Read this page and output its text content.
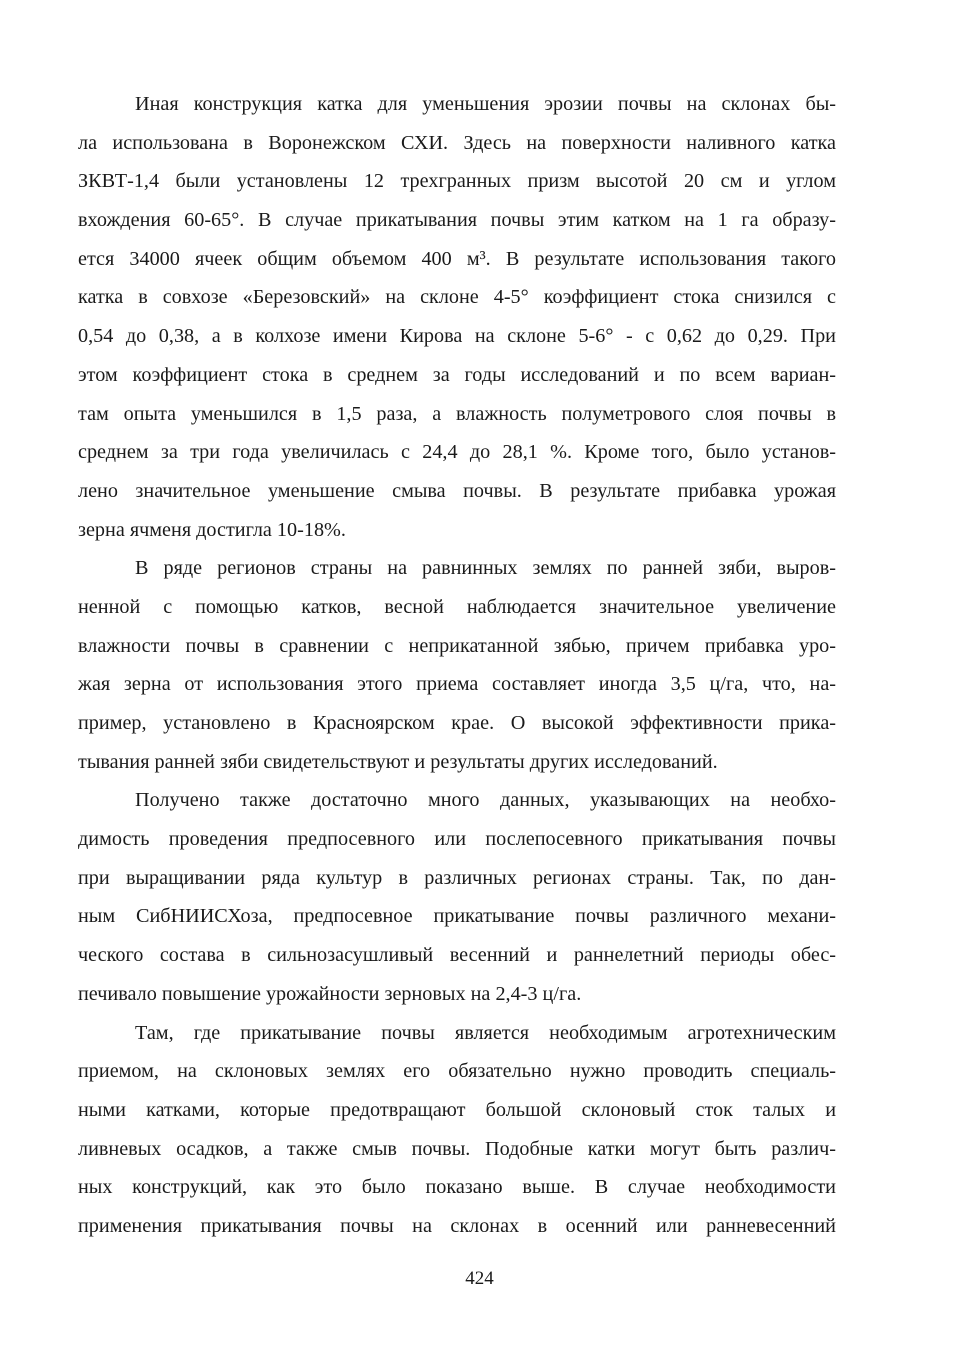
Иная конструкция катка для уменьшения эрозии почвы на склонах бы-
ла использована в Воронежском СХИ. Здесь на поверхности наливного катка
ЗКВТ-1,4 были установлены 12 трехгранных призм высотой 20 см и углом
вхождения 60-65°. В случае прикатывания почвы этим катком на 1 га образу-
ется 34000 ячеек общим объемом 400 м³. В результате использования такого
катка в совхозе «Березовский» на склоне 4-5° коэффициент стока снизился с
0,54 до 0,38, а в колхозе имени Кирова на склоне 5-6° - с 0,62 до 0,29. При
этом коэффициент стока в среднем за годы исследований и по всем вариан-
там опыта уменьшился в 1,5 раза, а влажность полуметрового слоя почвы в
среднем за три года увеличилась с 24,4 до 28,1 %. Кроме того, было установ-
лено значительное уменьшение смыва почвы. В результате прибавка урожая
зерна ячменя достигла 10-18%.
В ряде регионов страны на равнинных землях по ранней зяби, выров-
ненной с помощью катков, весной наблюдается значительное увеличение
влажности почвы в сравнении с неприкатанной зябью, причем прибавка уро-
жая зерна от использования этого приема составляет иногда 3,5 ц/га, что, на-
пример, установлено в Красноярском крае. О высокой эффективности прика-
тывания ранней зяби свидетельствуют и результаты других исследований.
Получено также достаточно много данных, указывающих на необхо-
димость проведения предпосевного или послепосевного прикатывания почвы
при выращивании ряда культур в различных регионах страны. Так, по дан-
ным СибНИИСХоза, предпосевное прикатывание почвы различного механи-
ческого состава в сильнозасушливый весенний и раннелетний периоды обес-
печивало повышение урожайности зерновых на 2,4-3 ц/га.
Там, где прикатывание почвы является необходимым агротехническим
приемом, на склоновых землях его обязательно нужно проводить специаль-
ными катками, которые предотвращают большой склоновый сток талых и
ливневых осадков, а также смыв почвы. Подобные катки могут быть различ-
ных конструкций, как это было показано выше. В случае необходимости
применения прикатывания почвы на склонах в осенний или ранневесенний
424
